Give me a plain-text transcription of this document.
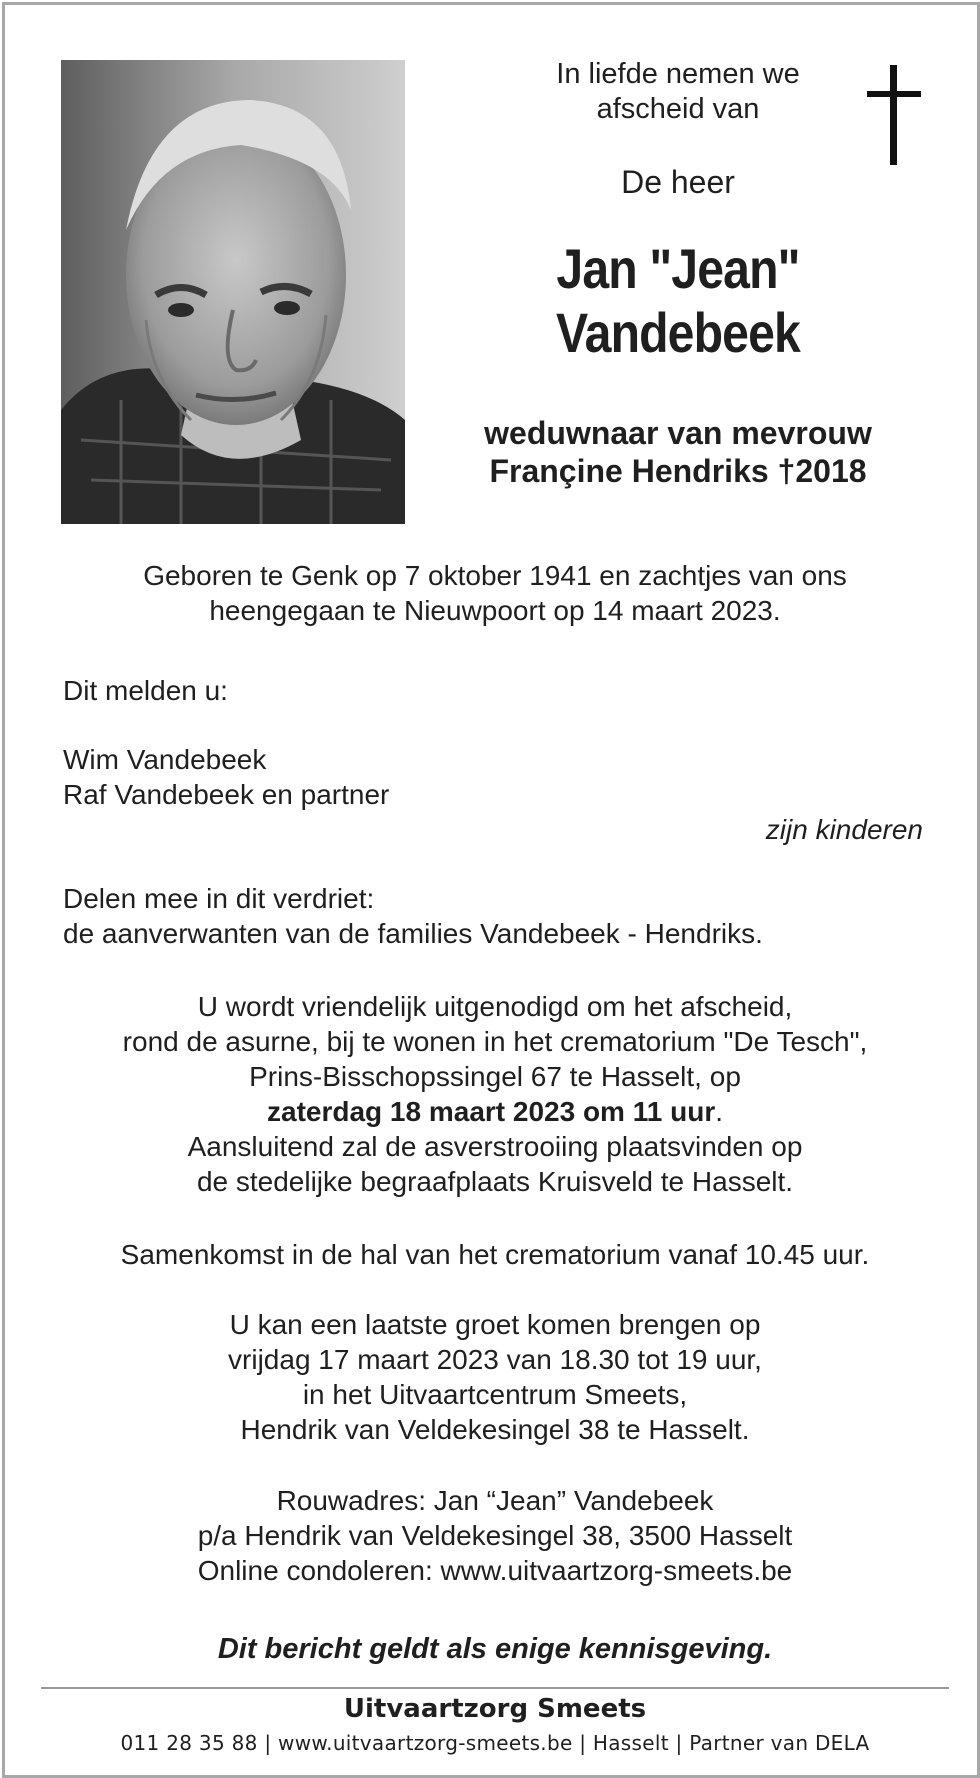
In liefde nemen we
afscheid van
De heer
Jan "Jean"
Vandebeek
weduwnaar van mevrouw
Françine Hendriks †2018
Geboren te Genk op 7 oktober 1941 en zachtjes van ons
heengegaan te Nieuwpoort op 14 maart 2023.
Dit melden u:
Wim Vandebeek
Raf Vandebeek en partner
zijn kinderen
Delen mee in dit verdriet:
de aanverwanten van de families Vandebeek - Hendriks.
U wordt vriendelijk uitgenodigd om het afscheid,
rond de asurne, bij te wonen in het crematorium "De Tesch",
Prins-Bisschopssingel 67 te Hasselt, op
zaterdag 18 maart 2023 om 11 uur.
Aansluitend zal de asverstrooiing plaatsvinden op
de stedelijke begraafplaats Kruisveld te Hasselt.
Samenkomst in de hal van het crematorium vanaf 10.45 uur.
U kan een laatste groet komen brengen op
vrijdag 17 maart 2023 van 18.30 tot 19 uur,
in het Uitvaartcentrum Smeets,
Hendrik van Veldekesingel 38 te Hasselt.
Rouwadres: Jan “Jean” Vandebeek
p/a Hendrik van Veldekesingel 38, 3500 Hasselt
Online condoleren: www.uitvaartzorg-smeets.be
Dit bericht geldt als enige kennisgeving.
Uitvaartzorg Smeets
011 28 35 88 | www.uitvaartzorg-smeets.be | Hasselt | Partner van DELA
